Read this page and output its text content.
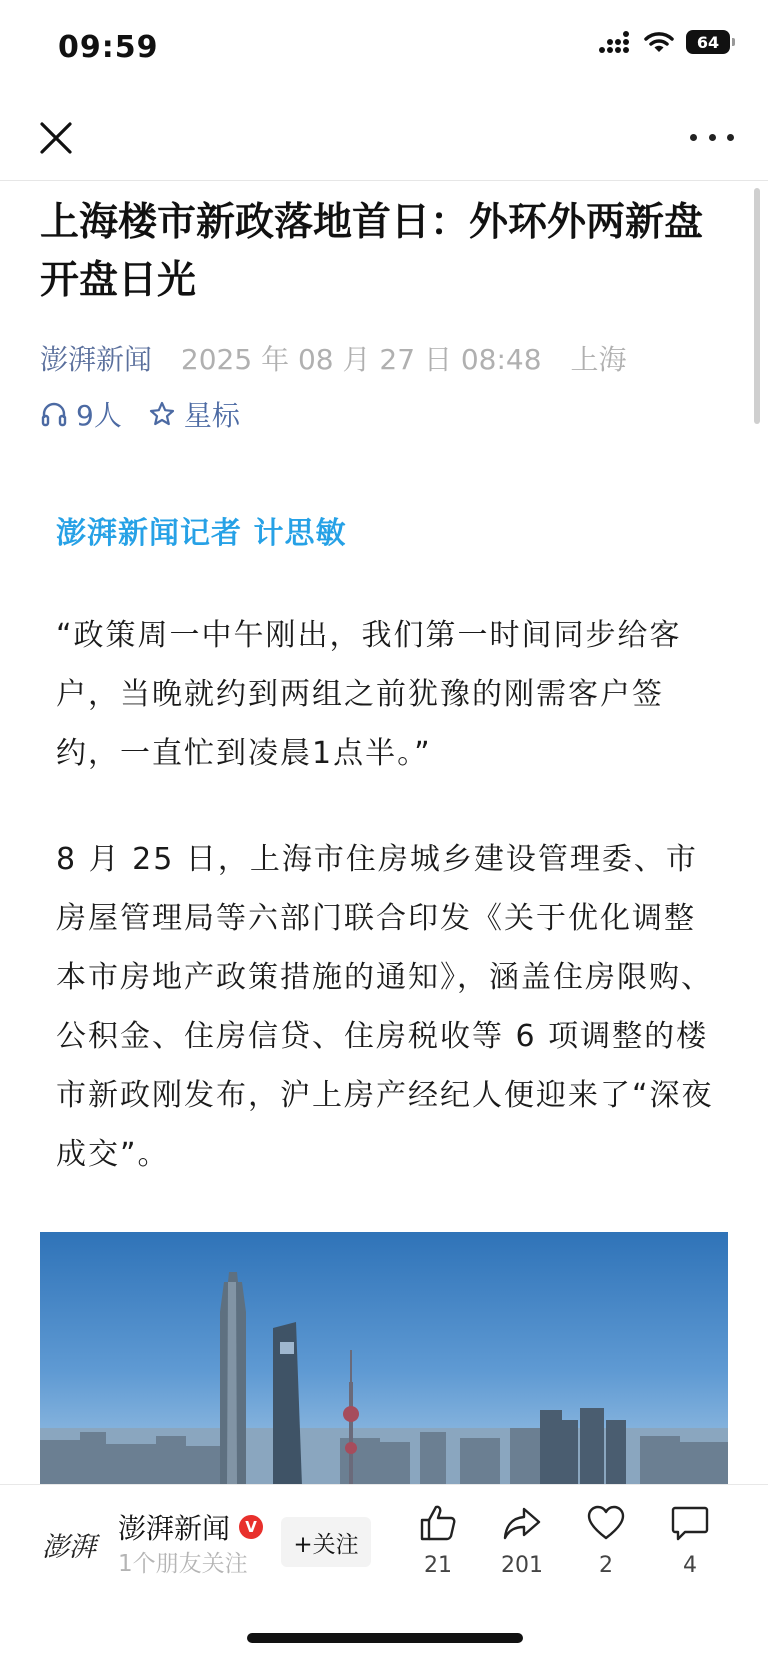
09:59	64
上海楼市新政落地首日：外环外两新盘开盘日光
澎湃新闻 2025 年 08 月 27 日 08:48 上海
9人 星标

澎湃新闻记者 计思敏

“政策周一中午刚出，我们第一时间同步给客户，当晚就约到两组之前犹豫的刚需客户签约，一直忙到凌晨1点半。”

8 月 25 日，上海市住房城乡建设管理委、市房屋管理局等六部门联合印发《关于优化调整本市房地产政策措施的通知》，涵盖住房限购、公积金、住房信贷、住房税收等 6 项调整的楼市新政刚发布，沪上房产经纪人便迎来了“深夜成交”。

澎湃
澎湃新闻	V
1个朋友关注
+关注
21	201	2	4
